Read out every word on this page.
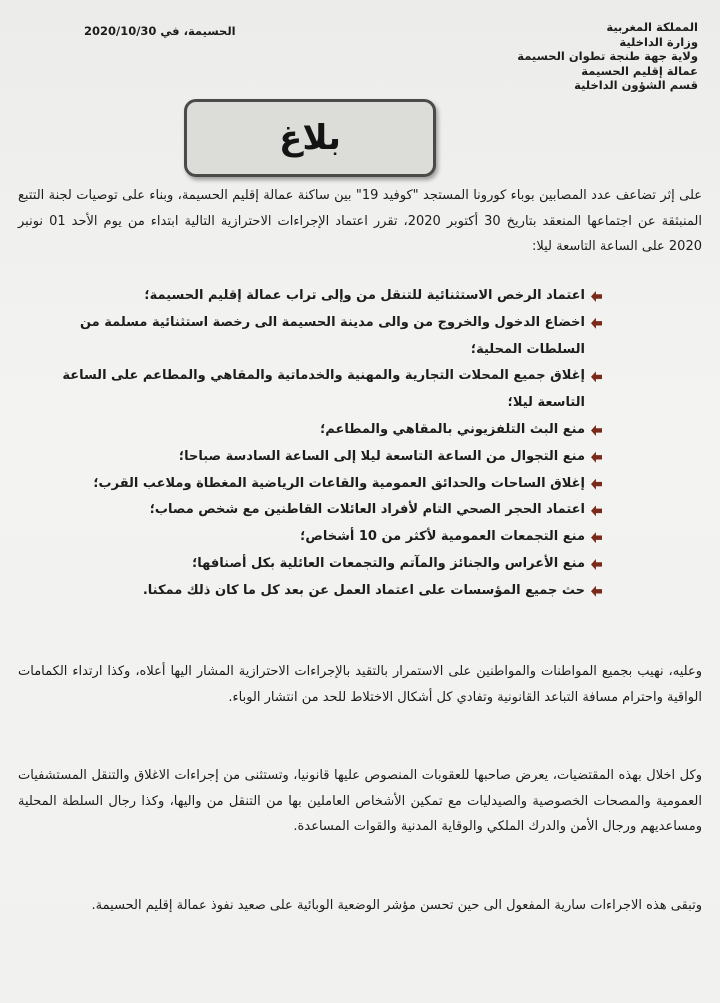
المملكة المغربية
وزارة الداخلية
ولاية جهة طنجة تطوان الحسيمة
عمالة إقليم الحسيمة
قسم الشؤون الداخلية
الحسيمة، في 2020/10/30
بلاغ

على إثر تضاعف عدد المصابين بوباء كورونا المستجد "كوفيد 19" بين ساكنة عمالة إقليم الحسيمة، وبناء على توصيات لجنة التتبع المنبثقة عن اجتماعها المنعقد بتاريخ 30 أكتوبر 2020، تقرر اعتماد الإجراءات الاحترازية التالية ابتداء من يوم الأحد 01 نونبر 2020 على الساعة التاسعة ليلا:

اعتماد الرخص الاستثنائية للتنقل من وإلى تراب عمالة إقليم الحسيمة؛
اخضاع الدخول والخروج من والى مدينة الحسيمة الى رخصة استثنائية مسلمة من السلطات المحلية؛
إغلاق جميع المحلات التجارية والمهنية والخدماتية والمقاهي والمطاعم على الساعة التاسعة ليلا؛
منع البث التلفزيوني بالمقاهي والمطاعم؛
منع التجوال من الساعة التاسعة ليلا إلى الساعة السادسة صباحا؛
إغلاق الساحات والحدائق العمومية والقاعات الرياضية المغطاة وملاعب القرب؛
اعتماد الحجر الصحي التام لأفراد العائلات القاطنين مع شخص مصاب؛
منع التجمعات العمومية لأكثر من 10 أشخاص؛
منع الأعراس والجنائز والمآتم والتجمعات العائلية بكل أصنافها؛
حث جميع المؤسسات على اعتماد العمل عن بعد كل ما كان ذلك ممكنا.

وعليه، نهيب بجميع المواطنات والمواطنين على الاستمرار بالتقيد بالإجراءات الاحترازية المشار اليها أعلاه، وكذا ارتداء الكمامات الواقية واحترام مسافة التباعد القانونية وتفادي كل أشكال الاختلاط للحد من انتشار الوباء.

وكل اخلال بهذه المقتضيات، يعرض صاحبها للعقوبات المنصوص عليها قانونيا، وتستثنى من إجراءات الاغلاق والتنقل المستشفيات العمومية والمصحات الخصوصية والصيدليات مع تمكين الأشخاص العاملين بها من التنقل من واليها، وكذا رجال السلطة المحلية ومساعديهم ورجال الأمن والدرك الملكي والوقاية المدنية والقوات المساعدة.

وتبقى هذه الاجراءات سارية المفعول الى حين تحسن مؤشر الوضعية الوبائية على صعيد نفوذ عمالة إقليم الحسيمة.
